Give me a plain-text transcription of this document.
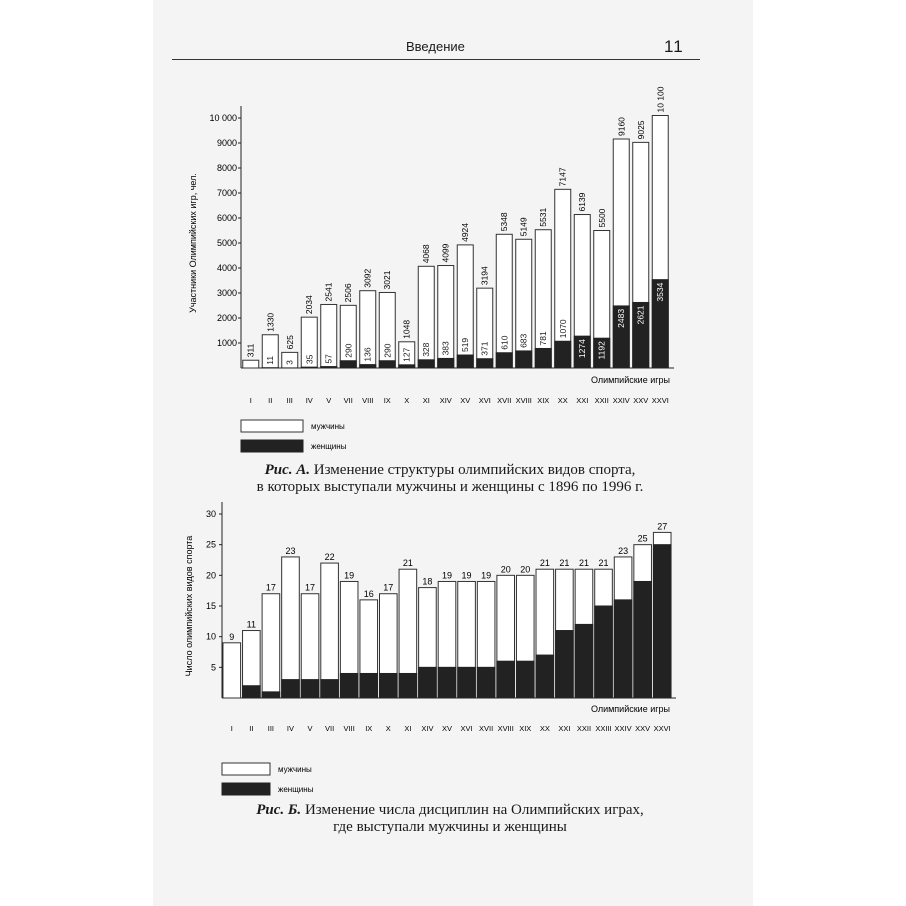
Введение	11
1000
2000
3000
4000
5000
6000
7000
8000
9000
10 000
Участники Олимпийских игр, чел.
Олимпийские игры
I
311
II
1330
11
III
625
3
IV
2034
35
V
2541
57
VII
2506
290
VIII
3092
136
IX
3021
290
X
1048
127
XI
4068
328
XIV
4099
383
XV
4924
519
XVI
3194
371
XVII
5348
610
XVIII
5149
683
XIX
5531
781
XX
7147
1070
XXI
6139
1274
XXII
5500
1192
XXIV
9160
2483
XXV
9025
2621
XXVI
10 100
3534
мужчины
женщины
5
10
15
20
25
30
Число олимпийских видов спорта
Олимпийские игры
I
9
II
11
III
17
IV
23
V
17
VII
22
VIII
19
IX
16
X
17
XI
21
XIV
18
XV
19
XVI
19
XVII
19
XVIII
20
XIX
20
XX
21
XXI
21
XXII
21
XXIII
21
XXIV
23
XXV
25
XXVI
27
мужчины
женщины
Рис. А. Изменение структуры олимпийских видов спорта,
в которых выступали мужчины и женщины с 1896 по 1996 г.
Рис. Б. Изменение числа дисциплин на Олимпийских играх,
где выступали мужчины и женщины
